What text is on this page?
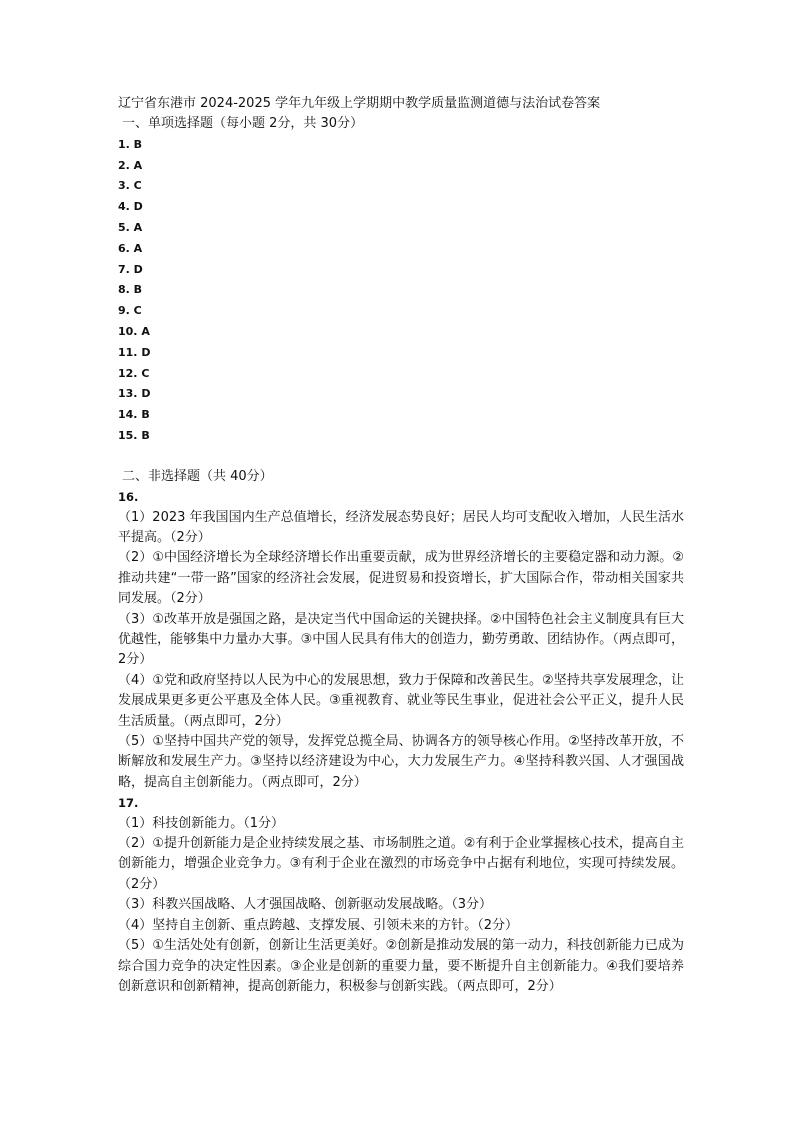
辽宁省东港市 2024-2025 学年九年级上学期期中教学质量监测道德与法治试卷答案
一、单项选择题（每小题 2分，共 30分）
1. B
2. A
3. C
4. D
5. A
6. A
7. D
8. B
9. C
10. A
11. D
12. C
13. D
14. B
15. B
二、非选择题（共 40分）
16.
（1）2023 年我国国内生产总值增长，经济发展态势良好；居民人均可支配收入增加，人民生活水平提高。（2分）
（2）①中国经济增长为全球经济增长作出重要贡献，成为世界经济增长的主要稳定器和动力源。②推动共建“一带一路”国家的经济社会发展，促进贸易和投资增长，扩大国际合作，带动相关国家共同发展。（2分）
（3）①改革开放是强国之路，是决定当代中国命运的关键抉择。②中国特色社会主义制度具有巨大优越性，能够集中力量办大事。③中国人民具有伟大的创造力，勤劳勇敢、团结协作。（两点即可，2分）
（4）①党和政府坚持以人民为中心的发展思想，致力于保障和改善民生。②坚持共享发展理念，让发展成果更多更公平惠及全体人民。③重视教育、就业等民生事业，促进社会公平正义，提升人民生活质量。（两点即可，2分）
（5）①坚持中国共产党的领导，发挥党总揽全局、协调各方的领导核心作用。②坚持改革开放，不断解放和发展生产力。③坚持以经济建设为中心，大力发展生产力。④坚持科教兴国、人才强国战略，提高自主创新能力。（两点即可，2分）
17.
（1）科技创新能力。（1分）
（2）①提升创新能力是企业持续发展之基、市场制胜之道。②有利于企业掌握核心技术，提高自主创新能力，增强企业竞争力。③有利于企业在激烈的市场竞争中占据有利地位，实现可持续发展。（2分）
（3）科教兴国战略、人才强国战略、创新驱动发展战略。（3分）
（4）坚持自主创新、重点跨越、支撑发展、引领未来的方针。（2分）
（5）①生活处处有创新，创新让生活更美好。②创新是推动发展的第一动力，科技创新能力已成为综合国力竞争的决定性因素。③企业是创新的重要力量，要不断提升自主创新能力。④我们要培养创新意识和创新精神，提高创新能力，积极参与创新实践。（两点即可，2分）
